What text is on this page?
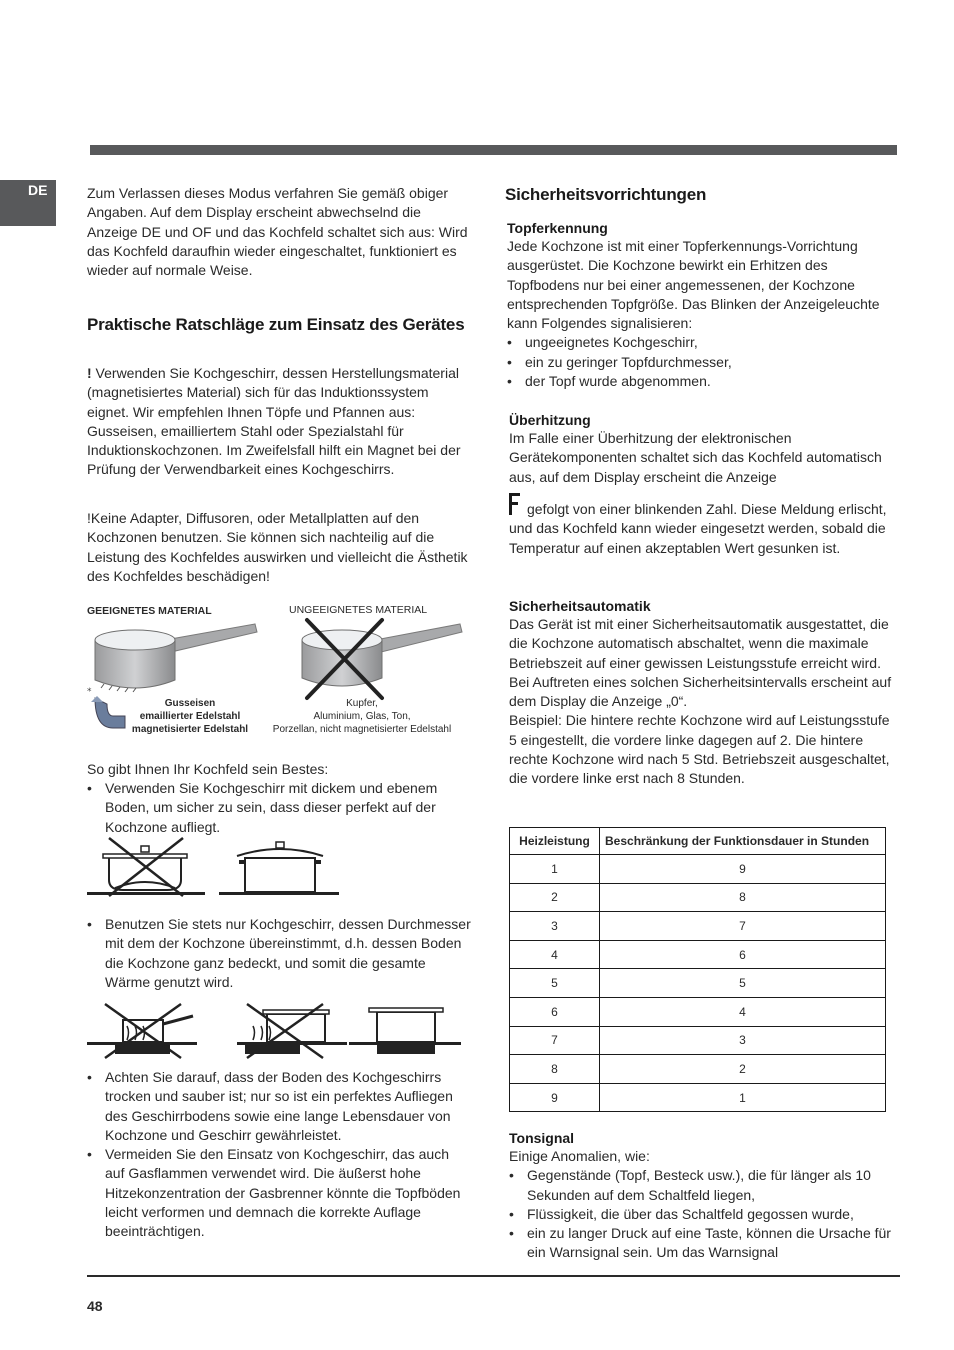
DE	Zum Verlassen dieses Modus verfahren Sie gemäß obiger Angaben. Auf dem Display erscheint abwechselnd die Anzeige DE und OF und das Kochfeld schaltet sich aus: Wird das Kochfeld daraufhin wieder eingeschaltet, funktioniert es wieder auf normale Weise.

Praktische Ratschläge zum Einsatz des Gerätes

! Verwenden Sie Kochgeschirr, dessen Herstellungsmaterial (magnetisiertes Material) sich für das Induktionssystem eignet. Wir empfehlen Ihnen Töpfe und Pfannen aus: Gusseisen, emailliertem Stahl oder Spezialstahl für Induktionskochzonen. Im Zweifelsfall hilft ein Magnet bei der Prüfung der Verwendbarkeit eines Kochgeschirrs.

!Keine Adapter, Diffusoren, oder Metallplatten auf den Kochzonen benutzen. Sie können sich nachteilig auf die Leistung des Kochfeldes auswirken und vielleicht die Ästhetik des Kochfeldes beschädigen!

GEEIGNETES MATERIAL	UNGEEIGNETES MATERIAL
*
Gusseisen
emaillierter Edelstahl
magnetisierter Edelstahl
Kupfer,
Aluminium, Glas, Ton,
Porzellan, nicht magnetisierter Edelstahl

So gibt Ihnen Ihr Kochfeld sein Bestes:

• Verwenden Sie Kochgeschirr mit dickem und ebenem Boden, um sicher zu sein, dass dieser perfekt auf der Kochzone aufliegt.
• Benutzen Sie stets nur Kochgeschirr, dessen Durchmesser mit dem der Kochzone übereinstimmt, d.h. dessen Boden die Kochzone ganz bedeckt, und somit die gesamte Wärme genutzt wird.
• Achten Sie darauf, dass der Boden des Kochgeschirrs trocken und sauber ist; nur so ist ein perfektes Aufliegen des Geschirrbodens sowie eine lange Lebensdauer von Kochzone und Geschirr gewährleistet.
• Vermeiden Sie den Einsatz von Kochgeschirr, das auch auf Gasflammen verwendet wird. Die äußerst hohe Hitzekonzentration der Gasbrenner könnte die Topfböden leicht verformen und demnach die korrekte Auflage beeinträchtigen.
Sicherheitsvorrichtungen
Topferkennung

Jede Kochzone ist mit einer Topferkennungs-Vorrichtung ausgerüstet. Die Kochzone bewirkt ein Erhitzen des Topfbodens nur bei einer angemessenen, der Kochzone entsprechenden Topfgröße. Das Blinken der Anzeigeleuchte kann Folgendes signalisieren:

• ungeeignetes Kochgeschirr,
• ein zu geringer Topfdurchmesser,
• der Topf wurde abgenommen.
Überhitzung

Im Falle einer Überhitzung der elektronischen Gerätekomponenten schaltet sich das Kochfeld automatisch aus, auf dem Display erscheint die Anzeige

gefolgt von einer blinkenden Zahl. Diese Meldung erlischt, und das Kochfeld kann wieder eingesetzt werden, sobald die Temperatur auf einen akzeptablen Wert gesunken ist.

Sicherheitsautomatik

Das Gerät ist mit einer Sicherheitsautomatik ausgestattet, die die Kochzone automatisch abschaltet, wenn die maximale Betriebszeit auf einer gewissen Leistungsstufe erreicht wird. Bei Auftreten eines solchen Sicherheitsintervalls erscheint auf dem Display die Anzeige „0“.

Beispiel: Die hintere rechte Kochzone wird auf Leistungsstufe 5 eingestellt, die vordere linke dagegen auf 2. Die hintere rechte Kochzone wird nach 5 Std. Betriebszeit ausgeschaltet, die vordere linke erst nach 8 Stunden.

Heizleistung	Beschränkung der Funktionsdauer in Stunden
1	9
2	8
3	7
4	6
5	5
6	4
7	3
8	2
9	1
Tonsignal

Einige Anomalien, wie:

• Gegenstände (Topf, Besteck usw.), die für länger als 10 Sekunden auf dem Schaltfeld liegen,
• Flüssigkeit, die über das Schaltfeld gegossen wurde,
• ein zu langer Druck auf eine Taste, können die Ursache für ein Warnsignal sein. Um das Warnsignal
48
